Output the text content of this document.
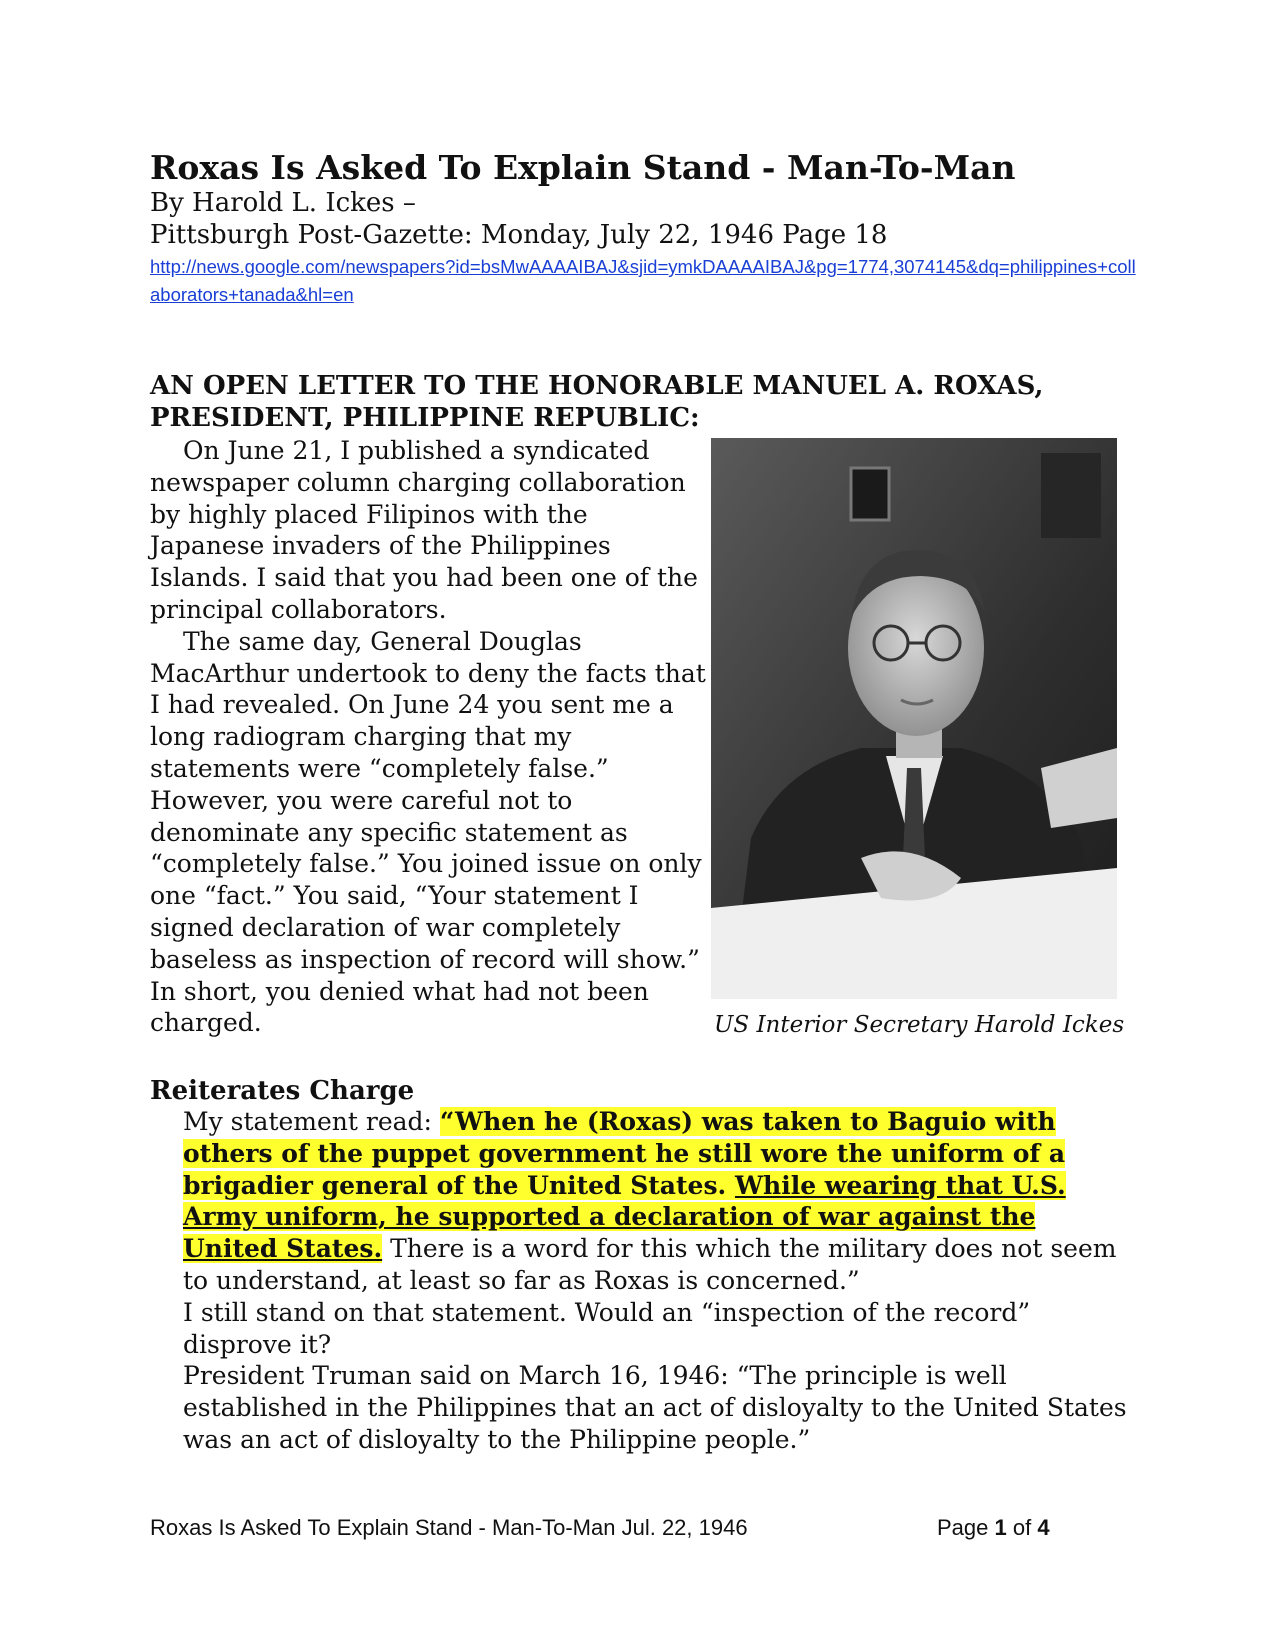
Roxas Is Asked To Explain Stand - Man-To-Man

By Harold L. Ickes –

Pittsburgh Post-Gazette: Monday, July 22, 1946 Page 18

http://news.google.com/newspapers?id=bsMwAAAAIBAJ&sjid=ymkDAAAAIBAJ&pg=1774,3074145&dq=philippines+collaborators+tanada&hl=en
AN OPEN LETTER TO THE HONORABLE MANUEL A. ROXAS,
PRESIDENT, PHILIPPINE REPUBLIC:

On June 21, I published a syndicated

newspaper column charging collaboration

by highly placed Filipinos with the

Japanese invaders of the Philippines

Islands. I said that you had been one of the

principal collaborators.

The same day, General Douglas

MacArthur undertook to deny the facts that

I had revealed. On June 24 you sent me a

long radiogram charging that my

statements were “completely false.”

However, you were careful not to

denominate any specific statement as

“completely false.” You joined issue on only

one “fact.” You said, “Your statement I

signed declaration of war completely

baseless as inspection of record will show.”

In short, you denied what had not been

charged.	US Interior Secretary Harold Ickes

Reiterates Charge

My statement read: “When he (Roxas) was taken to Baguio with others of the puppet government he still wore the uniform of a brigadier general of the United States. While wearing that U.S. Army uniform, he supported a declaration of war against the United States. There is a word for this which the military does not seem to understand, at least so far as Roxas is concerned.”

I still stand on that statement. Would an “inspection of the record” disprove it?

President Truman said on March 16, 1946: “The principle is well established in the Philippines that an act of disloyalty to the United States was an act of disloyalty to the Philippine people.”

Roxas Is Asked To Explain Stand - Man-To-Man Jul. 22, 1946	Page 1 of 4
